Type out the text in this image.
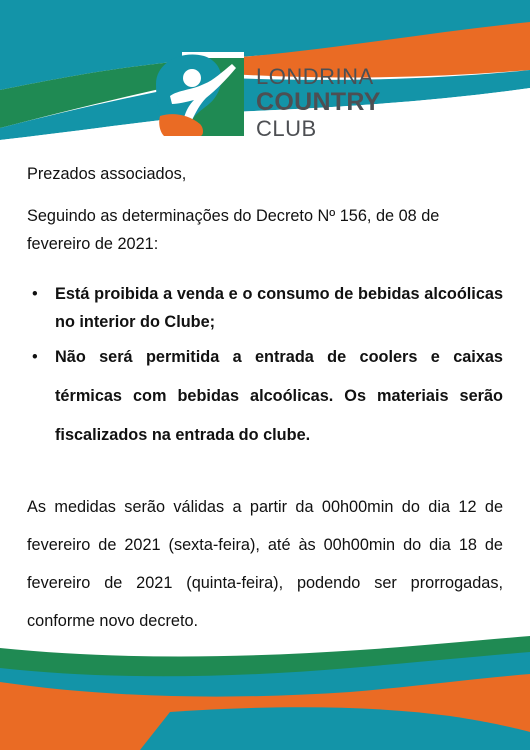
LONDRINA
COUNTRY
CLUB

Prezados associados,

Seguindo as determinações do Decreto Nº 156, de 08 de fevereiro de 2021:

• Está proibida a venda e o consumo de bebidas alcoólicas no interior do Clube;
• Não será permitida a entrada de coolers e caixas térmicas com bebidas alcoólicas. Os materiais serão fiscalizados na entrada do clube.

As medidas serão válidas a partir da 00h00min do dia 12 de fevereiro de 2021 (sexta-feira), até às 00h00min do dia 18 de fevereiro de 2021 (quinta-feira), podendo ser prorrogadas, conforme novo decreto.
